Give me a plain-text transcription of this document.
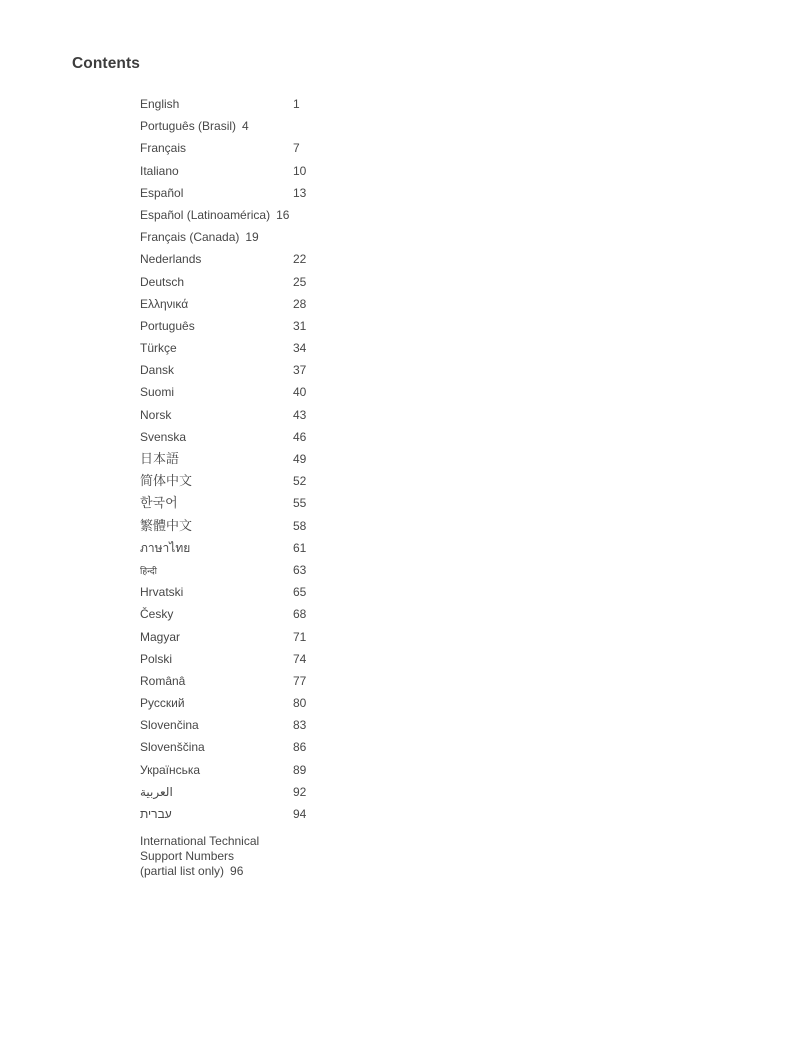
Contents
English	1
Português (Brasil) 4
Français	7
Italiano	10
Español	13
Español (Latinoamérica) 16
Français (Canada) 19
Nederlands	22
Deutsch	25
Ελληνικά	28
Português	31
Türkçe	34
Dansk	37
Suomi	40
Norsk	43
Svenska	46
日本語	49
简体中文	52
한국어	55
繁體中文	58
ภาษาไทย	61
हिन्दी	63
Hrvatski	65
Česky	68
Magyar	71
Polski	74
Românâ	77
Русский	80
Slovenčina	83
Slovenščina	86
Українська	89
العربية	92
עברית	94
International Technical
Support Numbers
(partial list only) 96
